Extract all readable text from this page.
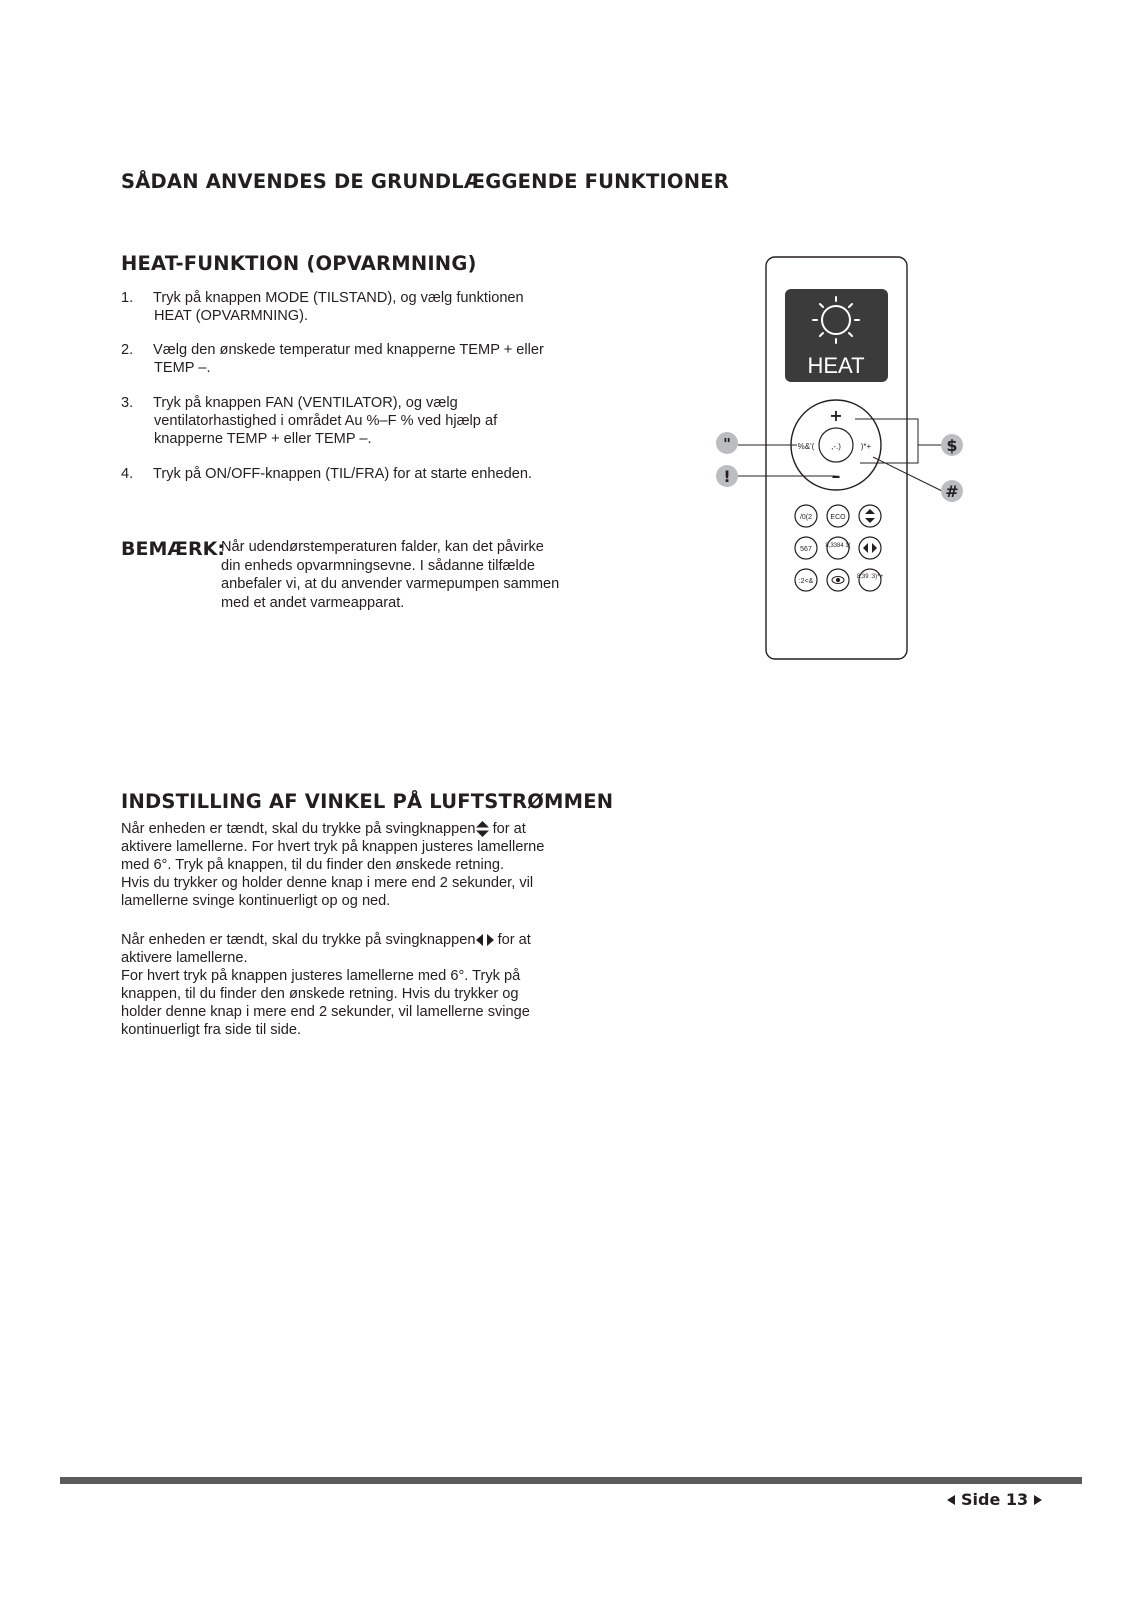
SÅDAN ANVENDES DE GRUNDLÆGGENDE FUNKTIONER
HEAT-FUNKTION (OPVARMNING)
1. Tryk på knappen MODE (TILSTAND), og vælg funktionen
HEAT (OPVARMNING).
2. Vælg den ønskede temperatur med knapperne TEMP + eller
TEMP –.
3. Tryk på knappen FAN (VENTILATOR), og vælg
ventilatorhastighed i området Au %–F % ved hjælp af
knapperne TEMP + eller TEMP –.
4. Tryk på ON/OFF-knappen (TIL/FRA) for at starte enheden.
BEMÆRK:
Når udendørstemperaturen falder, kan det påvirke
din enheds opvarmningsevne. I sådanne tilfælde
anbefaler vi, at du anvender varmepumpen sammen
med et andet varmeapparat.
HEAT
+
–
%&'( ,-.) )*+
"
!
$
#
/0(2	ECO
567 8,3384 1(
:2<&
8;39 :3)*+
INDSTILLING AF VINKEL PÅ LUFTSTRØMMEN
Når enheden er tændt, skal du trykke på svingknappen for at
aktivere lamellerne. For hvert tryk på knappen justeres lamellerne
med 6°. Tryk på knappen, til du finder den ønskede retning.
Hvis du trykker og holder denne knap i mere end 2 sekunder, vil
lamellerne svinge kontinuerligt op og ned.
Når enheden er tændt, skal du trykke på svingknappen for at
aktivere lamellerne.
For hvert tryk på knappen justeres lamellerne med 6°. Tryk på
knappen, til du finder den ønskede retning. Hvis du trykker og
holder denne knap i mere end 2 sekunder, vil lamellerne svinge
kontinuerligt fra side til side.
Side 13
